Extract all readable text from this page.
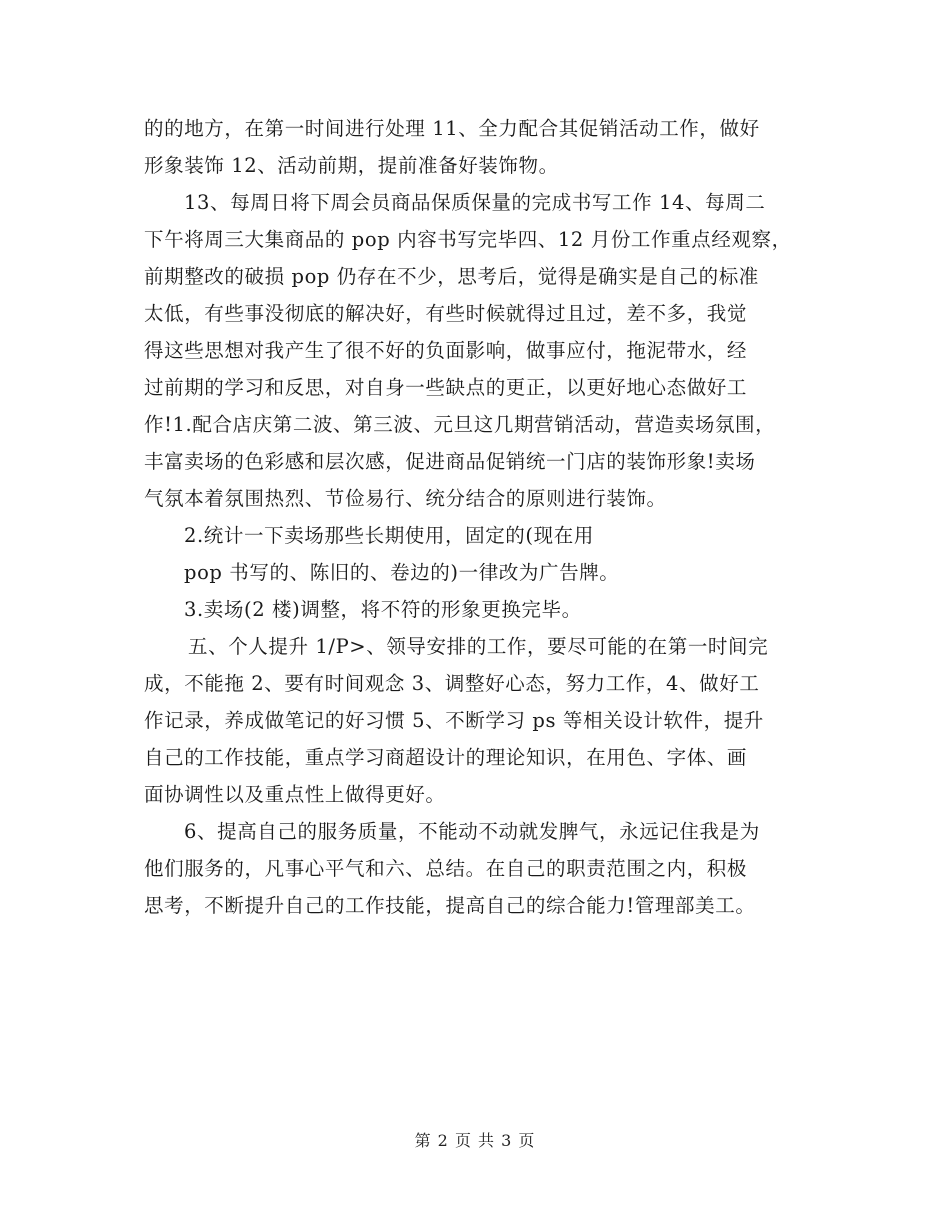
的的地方，在第一时间进行处理 11、全力配合其促销活动工作，做好
形象装饰 12、活动前期，提前准备好装饰物。
13、每周日将下周会员商品保质保量的完成书写工作 14、每周二
下午将周三大集商品的 pop 内容书写完毕四、12 月份工作重点经观察，
前期整改的破损 pop 仍存在不少，思考后，觉得是确实是自己的标准
太低，有些事没彻底的解决好，有些时候就得过且过，差不多，我觉
得这些思想对我产生了很不好的负面影响，做事应付，拖泥带水，经
过前期的学习和反思，对自身一些缺点的更正，以更好地心态做好工
作!1.配合店庆第二波、第三波、元旦这几期营销活动，营造卖场氛围，
丰富卖场的色彩感和层次感，促进商品促销统一门店的装饰形象!卖场
气氛本着氛围热烈、节俭易行、统分结合的原则进行装饰。
2.统计一下卖场那些长期使用，固定的(现在用
pop 书写的、陈旧的、卷边的)一律改为广告牌。
3.卖场(2 楼)调整，将不符的形象更换完毕。
五、个人提升 1/P>、领导安排的工作，要尽可能的在第一时间完
成，不能拖 2、要有时间观念 3、调整好心态，努力工作，4、做好工
作记录，养成做笔记的好习惯 5、不断学习 ps 等相关设计软件，提升
自己的工作技能，重点学习商超设计的理论知识，在用色、字体、画
面协调性以及重点性上做得更好。
6、提高自己的服务质量，不能动不动就发脾气，永远记住我是为
他们服务的，凡事心平气和六、总结。在自己的职责范围之内，积极
思考，不断提升自己的工作技能，提高自己的综合能力!管理部美工。
第 2 页 共 3 页
